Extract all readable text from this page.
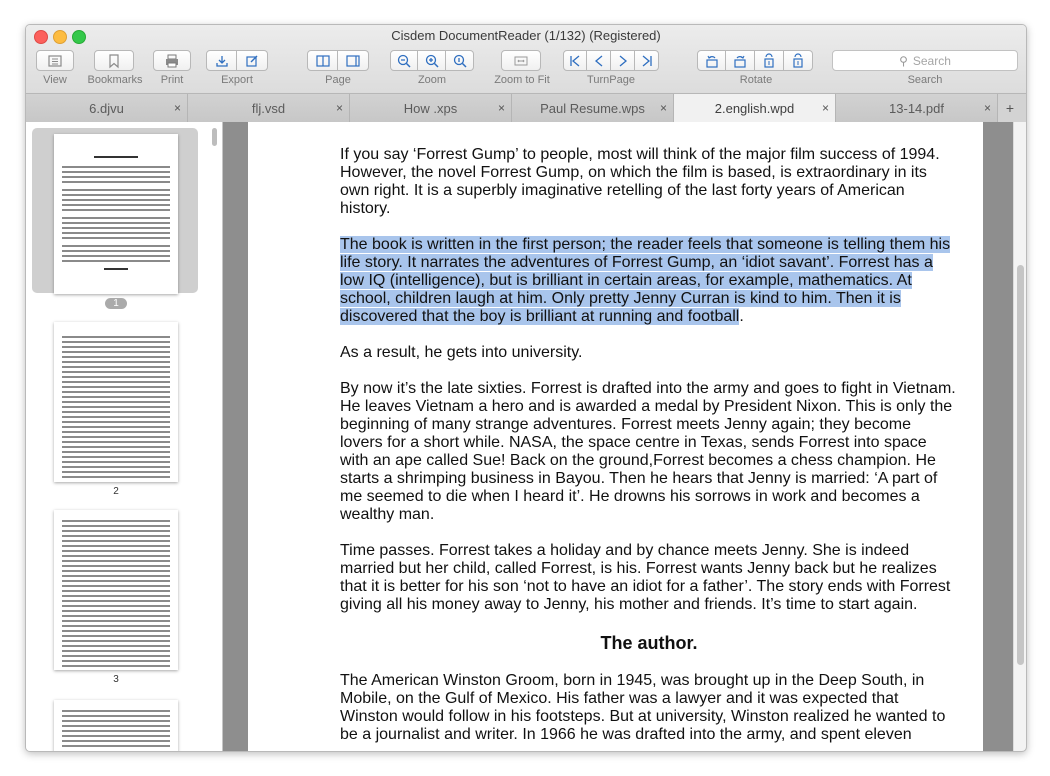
Cisdem DocumentReader (1/132) (Registered)
View	Bookmarks	Print	Export	Page	Zoom	Zoom to Fit	TurnPage	Rotate
⚲ Search
Search
6.djvu	×	flj.vsd	×	How .xps	×	Paul Resume.wps ×	2.english.wpd ×	13-14.pdf	×	+
1
2
3

If you say ‘Forrest Gump’ to people, most will think of the major film success of 1994. However, the novel Forrest Gump, on which the film is based, is extraordinary in its own right. It is a superbly imaginative retelling of the last forty years of American history.

The book is written in the first person; the reader feels that someone is telling them his life story. It narrates the adventures of Forrest Gump, an ‘idiot savant’. Forrest has a low IQ (intelligence), but is brilliant in certain areas, for example, mathematics. At school, children laugh at him. Only pretty Jenny Curran is kind to him. Then it is discovered that the boy is brilliant at running and football.

As a result, he gets into university.

By now it’s the late sixties. Forrest is drafted into the army and goes to fight in Vietnam. He leaves Vietnam a hero and is awarded a medal by President Nixon. This is only the beginning of many strange adventures. Forrest meets Jenny again; they become lovers for a short while. NASA, the space centre in Texas, sends Forrest into space with an ape called Sue! Back on the ground,Forrest becomes a chess champion. He starts a shrimping business in Bayou. Then he hears that Jenny is married: ‘A part of me seemed to die when I heard it’. He drowns his sorrows in work and becomes a wealthy man.

Time passes. Forrest takes a holiday and by chance meets Jenny. She is indeed married but her child, called Forrest, is his. Forrest wants Jenny back but he realizes that it is better for his son ‘not to have an idiot for a father’. The story ends with Forrest giving all his money away to Jenny, his mother and friends. It’s time to start again.

The author.

The American Winston Groom, born in 1945, was brought up in the Deep South, in Mobile, on the Gulf of Mexico. His father was a lawyer and it was expected that Winston would follow in his footsteps. But at university, Winston realized he wanted to be a journalist and writer. In 1966 he was drafted into the army, and spent eleven
